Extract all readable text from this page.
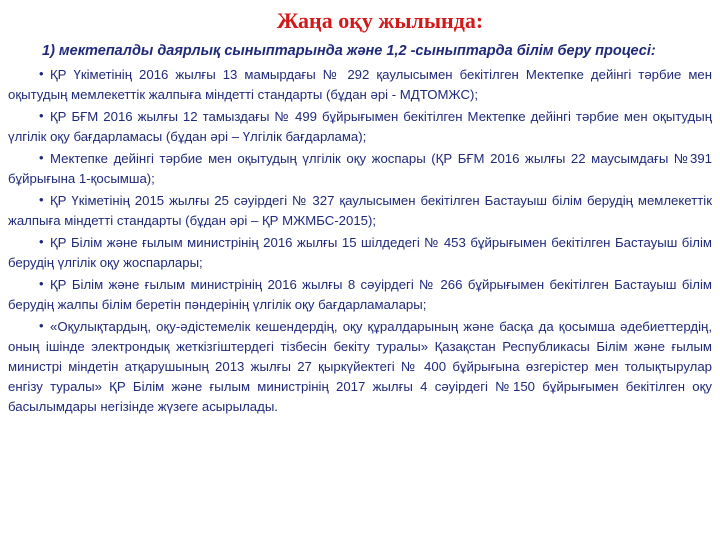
Жаңа оқу жылында:
1) мектепалды даярлық сыныптарында және 1,2 -сыныптарда білім беру процесі:
• ҚР Үкіметінің 2016 жылғы 13 мамырдағы № 292 қаулысымен бекітілген Мектепке дейінгі тәрбие мен оқытудың мемлекеттік жалпыға міндетті стандарты (бұдан әрі - МДТОМЖС);
• ҚР БҒМ 2016 жылғы 12 тамыздағы № 499 бұйрығымен бекітілген Мектепке дейінгі тәрбие мен оқытудың үлгілік оқу бағдарламасы (бұдан әрі – Үлгілік бағдарлама);
• Мектепке дейінгі тәрбие мен оқытудың үлгілік оқу жоспары (ҚР БҒМ 2016 жылғы 22 маусымдағы №391 бұйрығына 1-қосымша);
• ҚР Үкіметінің 2015 жылғы 25 сәуірдегі № 327 қаулысымен бекітілген Бастауыш білім берудің мемлекеттік жалпыға міндетті стандарты (бұдан әрі – ҚР МЖМБС-2015);
• ҚР Білім және ғылым министрінің 2016 жылғы 15 шілдедегі № 453 бұйрығымен бекітілген Бастауыш білім берудің үлгілік оқу жоспарлары;
• ҚР Білім және ғылым министрінің 2016 жылғы 8 сәуірдегі № 266 бұйрығымен бекітілген Бастауыш білім берудің жалпы білім беретін пәндерінің үлгілік оқу бағдарламалары;
• «Оқулықтардың, оқу-әдістемелік кешендердің, оқу құралдарының және басқа да қосымша әдебиеттердің, оның ішінде электрондық жеткізгіштердегі тізбесін бекіту туралы» Қазақстан Республикасы Білім және ғылым министрі міндетін атқарушының 2013 жылғы 27 қыркүйектегі № 400 бұйрығына өзгерістер мен толықтырулар енгізу туралы» ҚР Білім және ғылым министрінің 2017 жылғы 4 сәуірдегі №150 бұйрығымен бекітілген оқу басылымдары негізінде жүзеге асырылады.
